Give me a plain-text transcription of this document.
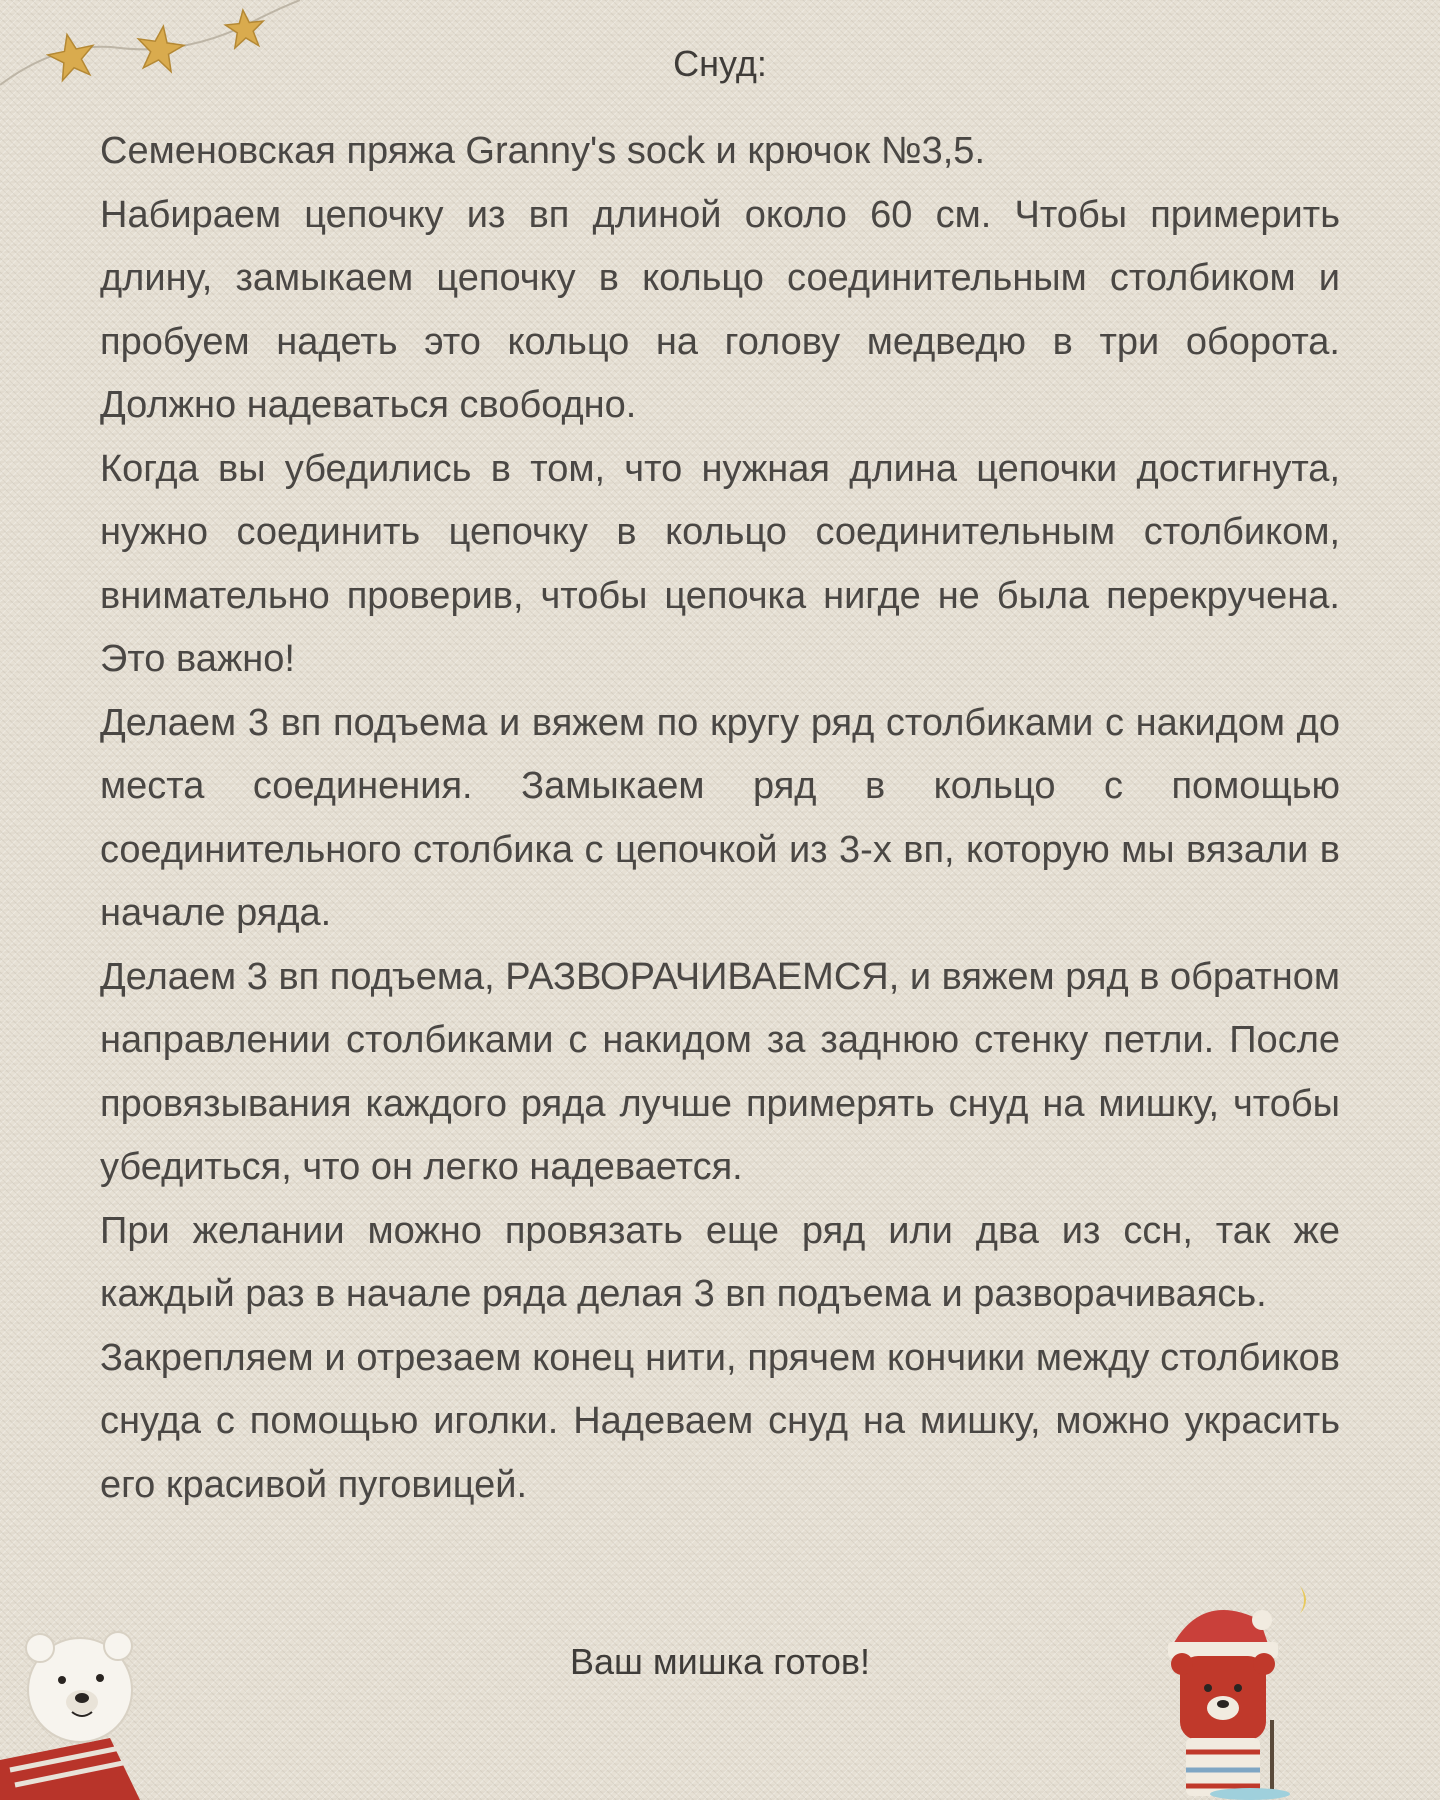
Снуд:

Семеновская пряжа Granny's sock и крючок №3,5.

Набираем цепочку из вп длиной около 60 см. Чтобы примерить длину, замыкаем цепочку в кольцо соединительным столбиком и пробуем надеть это кольцо на голову медведю в три оборота. Должно надеваться свободно.

Когда вы убедились в том, что нужная длина цепочки достигнута, нужно соединить цепочку в кольцо соединительным столбиком, внимательно проверив, чтобы цепочка нигде не была перекручена. Это важно!

Делаем 3 вп подъема и вяжем по кругу ряд столбиками с накидом до места соединения. Замыкаем ряд в кольцо с помощью соединительного столбика с цепочкой из 3-х вп, которую мы вязали в начале ряда.

Делаем 3 вп подъема, РАЗВОРАЧИВАЕМСЯ, и вяжем ряд в обратном направлении столбиками с накидом за заднюю стенку петли. После провязывания каждого ряда лучше примерять снуд на мишку, чтобы убедиться, что он легко надевается.

При желании можно провязать еще ряд или два из ссн, так же каждый раз в начале ряда делая 3 вп подъема и разворачиваясь.

Закрепляем и отрезаем конец нити, прячем кончики между столбиков снуда с помощью иголки. Надеваем снуд на мишку, можно украсить его красивой пуговицей.

Ваш мишка готов!
